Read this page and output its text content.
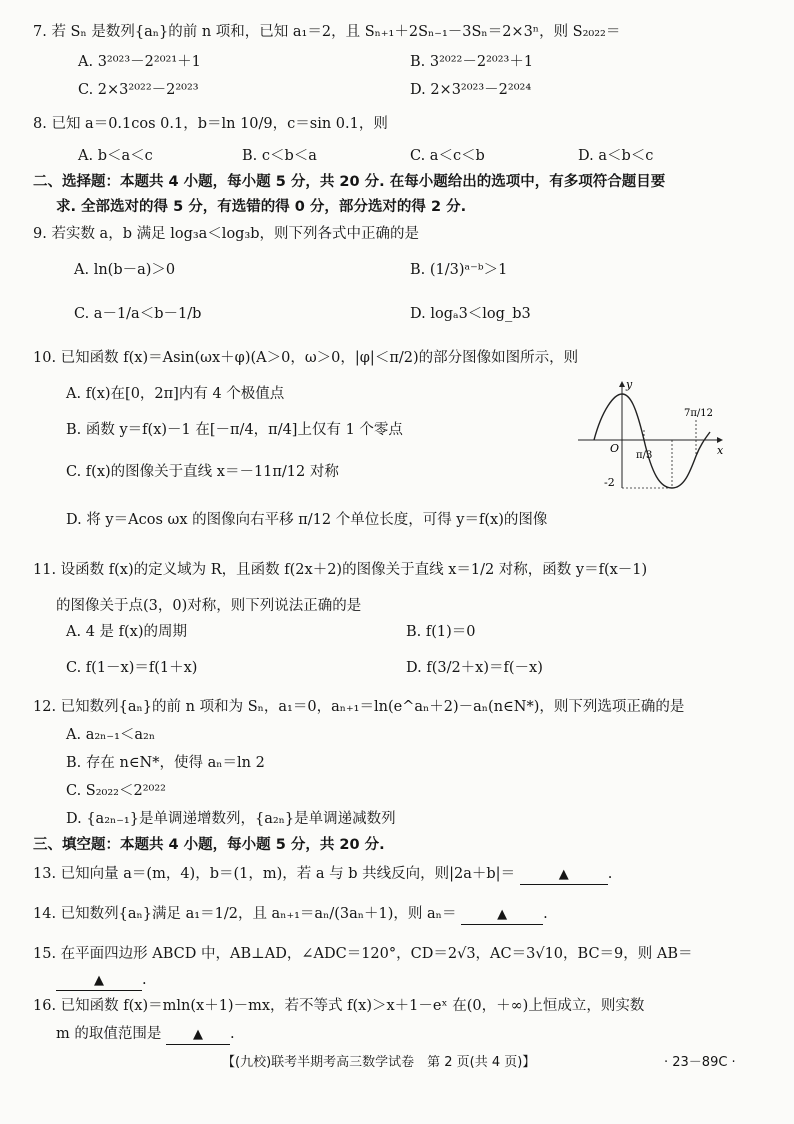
7. 若 Sₙ 是数列{aₙ}的前 n 项和，已知 a₁＝2，且 Sₙ₊₁＋2Sₙ₋₁－3Sₙ＝2×3ⁿ，则 S₂₀₂₂＝
A. 3²⁰²³－2²⁰²¹＋1	B. 3²⁰²²－2²⁰²³＋1
C. 2×3²⁰²²－2²⁰²³	D. 2×3²⁰²³－2²⁰²⁴
8. 已知 a＝0.1cos 0.1，b＝ln 10/9，c＝sin 0.1，则
A. b＜a＜c	B. c＜b＜a	C. a＜c＜b	D. a＜b＜c
二、选择题：本题共 4 小题，每小题 5 分，共 20 分. 在每小题给出的选项中，有多项符合题目要
求. 全部选对的得 5 分，有选错的得 0 分，部分选对的得 2 分.
9. 若实数 a，b 满足 log₃a＜log₃b，则下列各式中正确的是
A. ln(b－a)＞0	B. (1/3)ᵃ⁻ᵇ＞1
C. a－1/a＜b－1/b	D. logₐ3＜log_b3
10. 已知函数 f(x)＝Asin(ωx＋φ)(A＞0，ω＞0，|φ|＜π/2)的部分图像如图所示，则
A. f(x)在[0，2π]内有 4 个极值点
B. 函数 y＝f(x)－1 在[－π/4，π/4]上仅有 1 个零点
C. f(x)的图像关于直线 x＝－11π/12 对称
D. 将 y＝Acos ωx 的图像向右平移 π/12 个单位长度，可得 y＝f(x)的图像
y
x
O
π/3
7π/12
-2
11. 设函数 f(x)的定义域为 R，且函数 f(2x＋2)的图像关于直线 x＝1/2 对称，函数 y＝f(x－1)
的图像关于点(3，0)对称，则下列说法正确的是
A. 4 是 f(x)的周期	B. f(1)＝0
C. f(1－x)＝f(1＋x)	D. f(3/2＋x)＝f(－x)
12. 已知数列{aₙ}的前 n 项和为 Sₙ，a₁＝0，aₙ₊₁＝ln(e^aₙ＋2)－aₙ(n∈N*)，则下列选项正确的是
A. a₂ₙ₋₁＜a₂ₙ
B. 存在 n∈N*，使得 aₙ＝ln 2
C. S₂₀₂₂＜2²⁰²²
D. {a₂ₙ₋₁}是单调递增数列，{a₂ₙ}是单调递减数列
三、填空题：本题共 4 小题，每小题 5 分，共 20 分.
13. 已知向量 a＝(m，4)，b＝(1，m)，若 a 与 b 共线反向，则|2a＋b|＝	▲	.
14. 已知数列{aₙ}满足 a₁＝1/2，且 aₙ₊₁＝aₙ/(3aₙ＋1)，则 aₙ＝	▲ .
15. 在平面四边形 ABCD 中，AB⊥AD，∠ADC＝120°，CD＝2√3，AC＝3√10，BC＝9，则 AB＝
▲	.
16. 已知函数 f(x)＝mln(x＋1)－mx，若不等式 f(x)＞x＋1－eˣ 在(0，＋∞)上恒成立，则实数
m 的取值范围是 ▲ .
【(九校)联考半期考高三数学试卷　第 2 页(共 4 页)】	· 23－89C ·
